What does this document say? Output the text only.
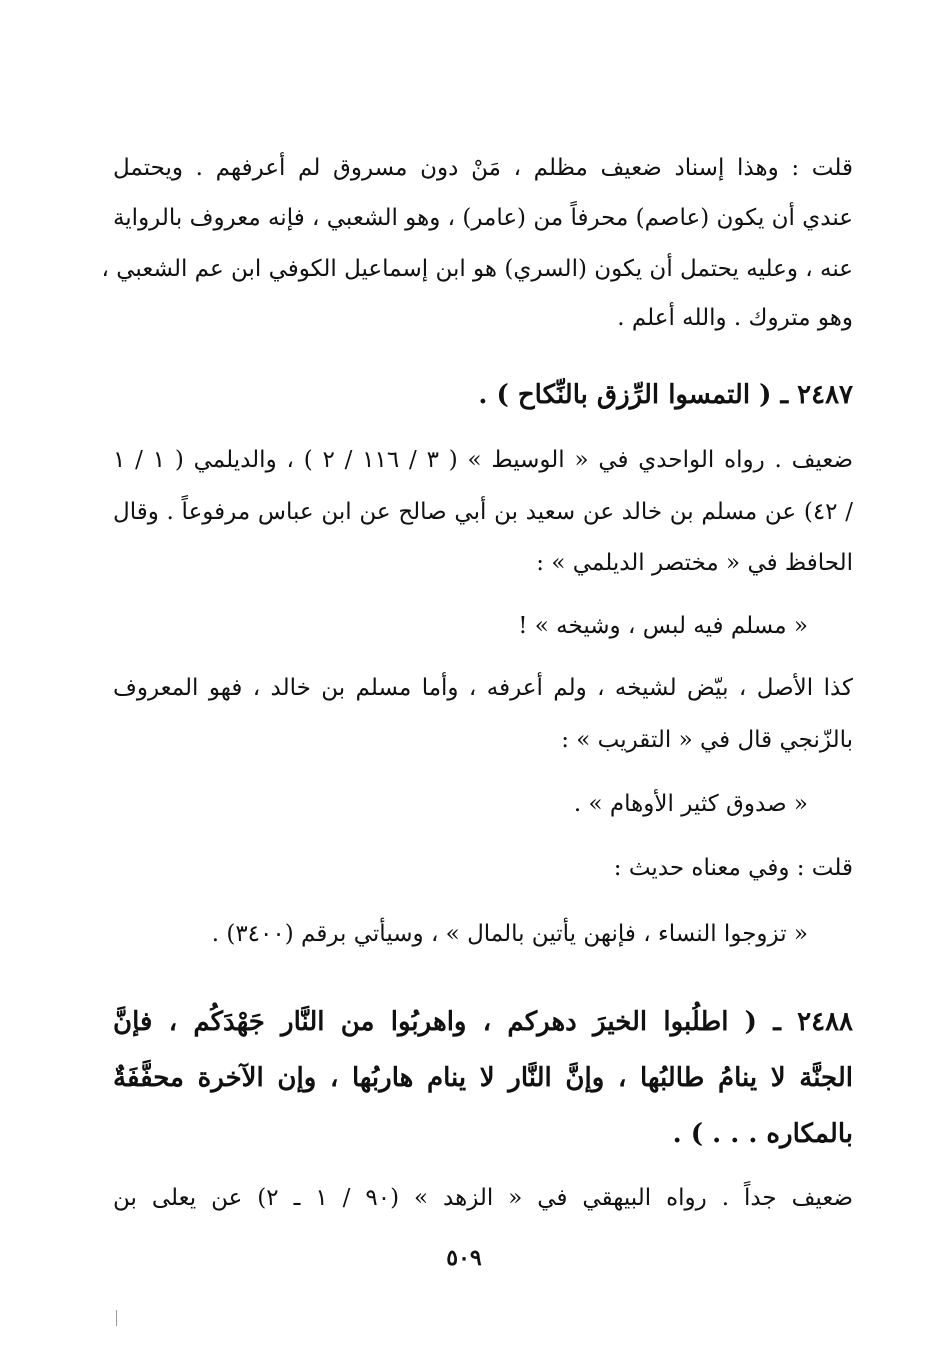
قلت : وهذا إسناد ضعيف مظلم ، مَنْ دون مسروق لم أعرفهم . ويحتمل
عندي أن يكون (عاصم) محرفاً من (عامر) ، وهو الشعبي ، فإنه معروف بالرواية
عنه ، وعليه يحتمل أن يكون (السري) هو ابن إسماعيل الكوفي ابن عم الشعبي ،
وهو متروك . والله أعلم .
٢٤٨٧ ـ ( التمسوا الرِّزق بالنِّكاح ) .
ضعيف . رواه الواحدي في « الوسيط » ( ٣ / ١١٦ / ٢ ) ، والديلمي ( ١ / ١
/ ٤٢) عن مسلم بن خالد عن سعيد بن أبي صالح عن ابن عباس مرفوعاً . وقال
الحافظ في « مختصر الديلمي » :
« مسلم فيه لبس ، وشيخه » !
كذا الأصل ، بيّض لشيخه ، ولم أعرفه ، وأما مسلم بن خالد ، فهو المعروف
بالزّنجي قال في « التقريب » :
« صدوق كثير الأوهام » .
قلت : وفي معناه حديث :
« تزوجوا النساء ، فإنهن يأتين بالمال » ، وسيأتي برقم (٣٤٠٠) .
٢٤٨٨ ـ ( اطلُبوا الخيرَ دهركم ، واهربُوا من النَّار جَهْدَكُم ، فإنَّ
الجنَّة لا ينامُ طالبُها ، وإنَّ النَّار لا ينام هاربُها ، وإن الآخرة محفَّفَةٌ
بالمكاره . . . ) .
ضعيف جداً . رواه البيهقي في « الزهد » (٩٠ / ١ ـ ٢) عن يعلى بن
٥٠٩
